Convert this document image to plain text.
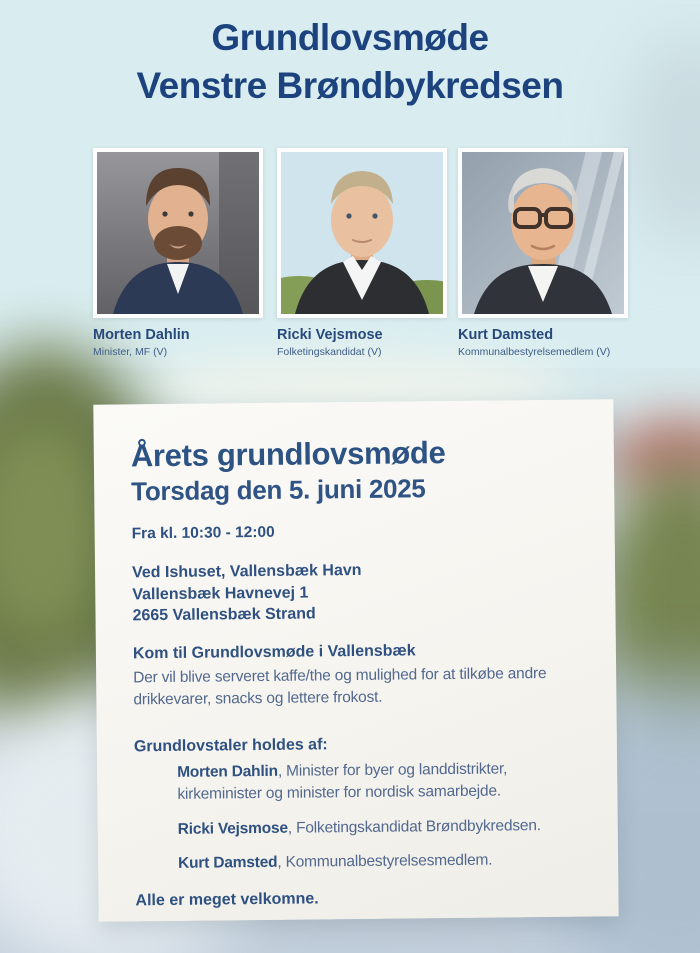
Grundlovsmøde
Venstre Brøndbykredsen
Morten Dahlin
Minister, MF (V)
Ricki Vejsmose
Folketingskandidat (V)
Kurt Damsted
Kommunalbestyrelsemedlem (V)
Årets grundlovsmøde
Torsdag den 5. juni 2025

Fra kl. 10:30 - 12:00

Ved Ishuset, Vallensbæk Havn
Vallensbæk Havnevej 1
2665 Vallensbæk Strand

Kom til Grundlovsmøde i Vallensbæk

Der vil blive serveret kaffe/the og mulighed for at tilkøbe andre drikkevarer, snacks og lettere frokost.

Grundlovstaler holdes af:

Morten Dahlin, Minister for byer og landdistrikter, kirkeminister og minister for nordisk samarbejde.

Ricki Vejsmose, Folketingskandidat Brøndbykredsen.

Kurt Damsted, Kommunalbestyrelsesmedlem.

Alle er meget velkomne.
